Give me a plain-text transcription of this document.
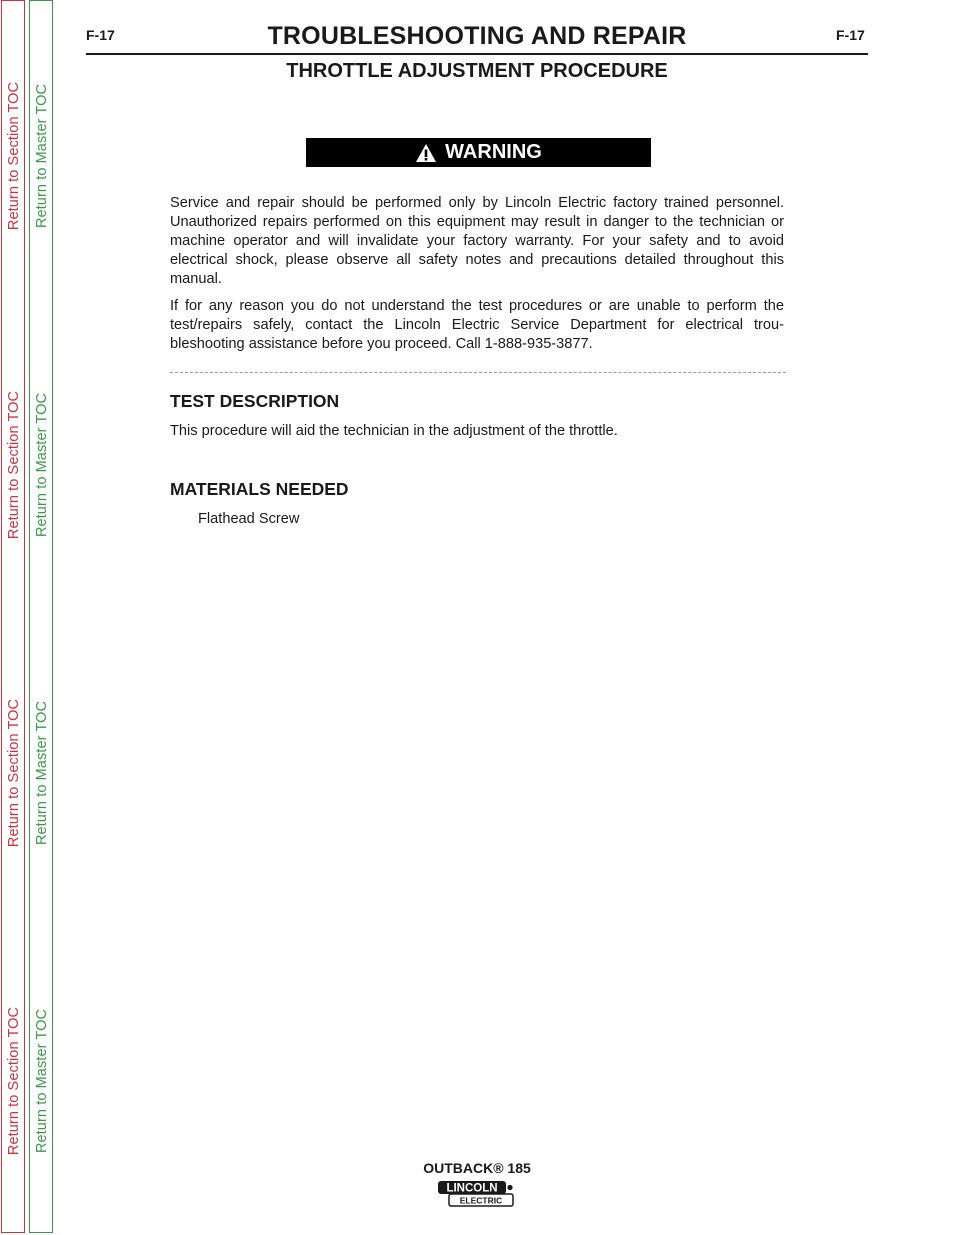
Return to Section TOC
Return to Section TOC
Return to Section TOC
Return to Section TOC
Return to Master TOC
Return to Master TOC
Return to Master TOC
Return to Master TOC
F-17	TROUBLESHOOTING AND REPAIR	F-17
THROTTLE ADJUSTMENT PROCEDURE
WARNING

Service and repair should be performed only by Lincoln Electric factory trained personnel. Unauthorized repairs performed on this equipment may result in danger to the technician or machine operator and will invalidate your factory warranty. For your safety and to avoid electrical shock, please observe all safety notes and precautions detailed throughout this manual.

If for any reason you do not understand the test procedures or are unable to perform the test/repairs safely, contact the Lincoln Electric Service Department for electrical trou-bleshooting assistance before you proceed. Call 1-888-935-3877.

TEST DESCRIPTION
This procedure will aid the technician in the adjustment of the throttle.
MATERIALS NEEDED
Flathead Screw
OUTBACK® 185
LINCOLN
ELECTRIC
